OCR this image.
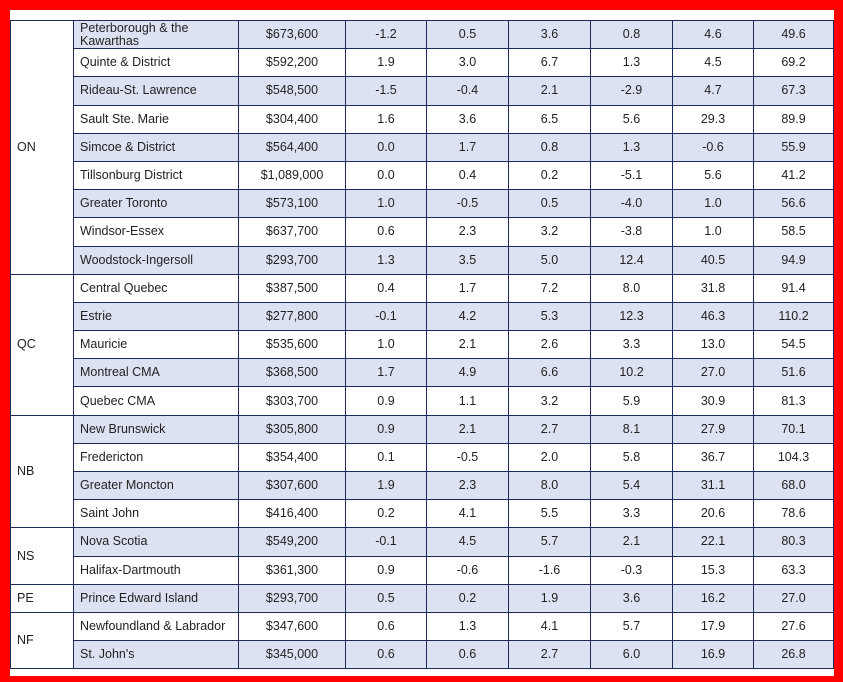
ON	Peterborough & the Kawarthas	$673,600	-1.2	0.5	3.6	0.8	4.6	49.6
	Quinte & District	$592,200	1.9	3.0	6.7	1.3	4.5	69.2
	Rideau-St. Lawrence	$548,500	-1.5	-0.4	2.1	-2.9	4.7	67.3
	Sault Ste. Marie	$304,400	1.6	3.6	6.5	5.6	29.3	89.9
	Simcoe & District	$564,400	0.0	1.7	0.8	1.3	-0.6	55.9
	Tillsonburg District	$1,089,000	0.0	0.4	0.2	-5.1	5.6	41.2
	Greater Toronto	$573,100	1.0	-0.5	0.5	-4.0	1.0	56.6
	Windsor-Essex	$637,700	0.6	2.3	3.2	-3.8	1.0	58.5
	Woodstock-Ingersoll	$293,700	1.3	3.5	5.0	12.4	40.5	94.9
QC	Central Quebec	$387,500	0.4	1.7	7.2	8.0	31.8	91.4
	Estrie	$277,800	-0.1	4.2	5.3	12.3	46.3	110.2
	Mauricie	$535,600	1.0	2.1	2.6	3.3	13.0	54.5
	Montreal CMA	$368,500	1.7	4.9	6.6	10.2	27.0	51.6
	Quebec CMA	$303,700	0.9	1.1	3.2	5.9	30.9	81.3
NB	New Brunswick	$305,800	0.9	2.1	2.7	8.1	27.9	70.1
	Fredericton	$354,400	0.1	-0.5	2.0	5.8	36.7	104.3
	Greater Moncton	$307,600	1.9	2.3	8.0	5.4	31.1	68.0
	Saint John	$416,400	0.2	4.1	5.5	3.3	20.6	78.6
NS	Nova Scotia	$549,200	-0.1	4.5	5.7	2.1	22.1	80.3
	Halifax-Dartmouth	$361,300	0.9	-0.6	-1.6	-0.3	15.3	63.3
PE	Prince Edward Island	$293,700	0.5	0.2	1.9	3.6	16.2	27.0
NF	Newfoundland & Labrador	$347,600	0.6	1.3	4.1	5.7	17.9	27.6
	St. John's	$345,000	0.6	0.6	2.7	6.0	16.9	26.8
